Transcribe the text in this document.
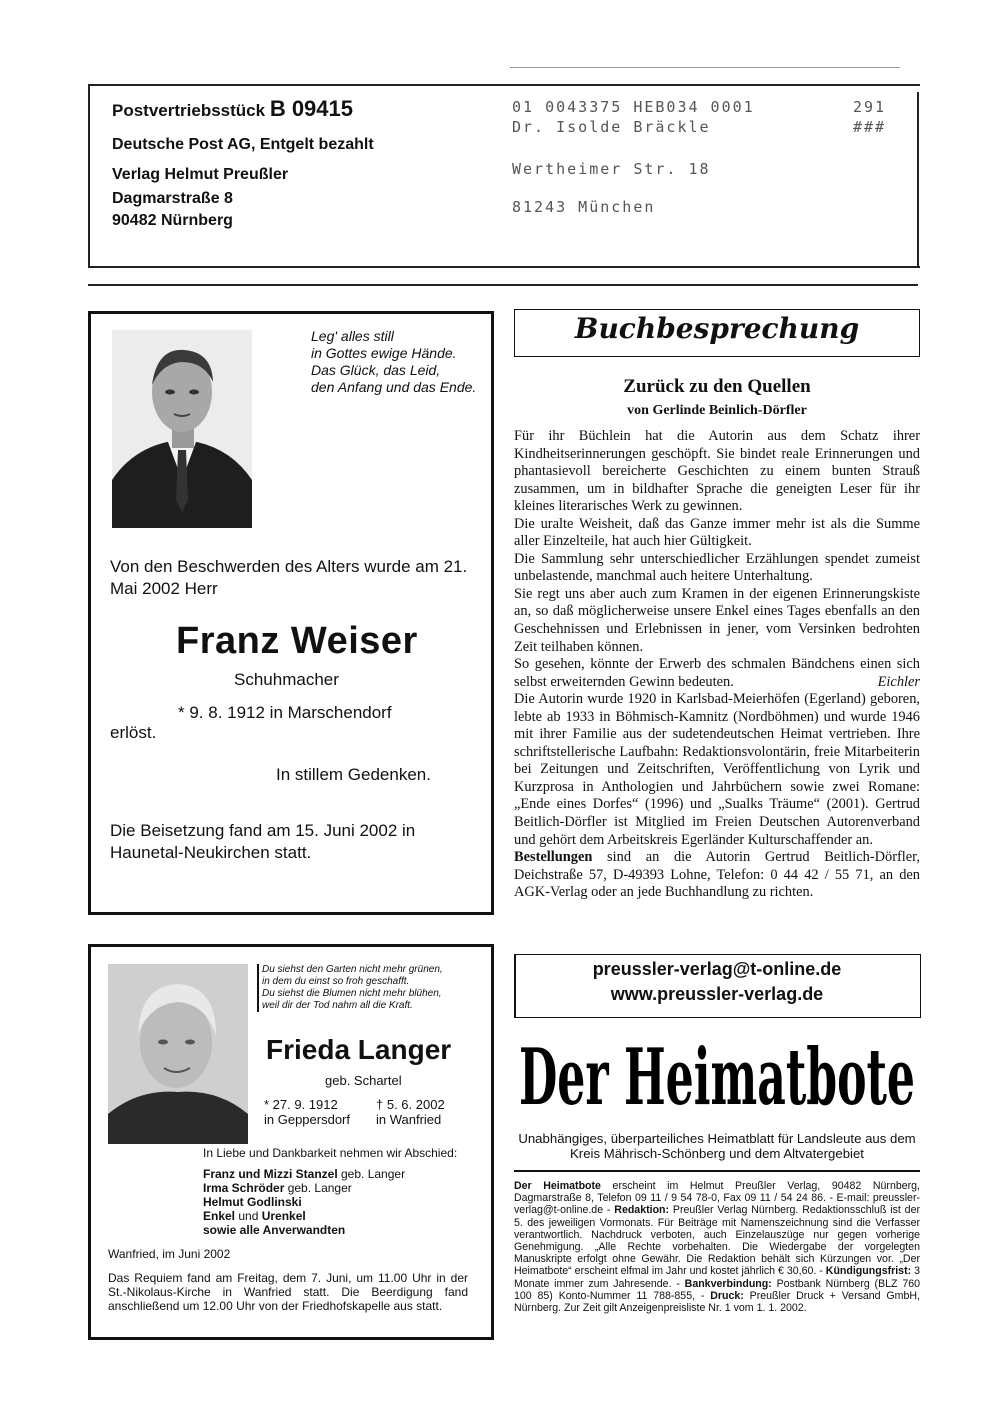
Postvertriebsstück B 09415
Deutsche Post AG, Entgelt bezahlt
Verlag Helmut Preußler
Dagmarstraße 8
90482 Nürnberg
01 0043375 HEB034 0001	291
Dr. Isolde Bräckle	###
Wertheimer Str. 18
81243 München
Leg' alles still
in Gottes ewige Hände.
Das Glück, das Leid,
den Anfang und das Ende.
Von den Beschwerden des Alters wurde am 21. Mai 2002 Herr
Franz Weiser
Schuhmacher
* 9. 8. 1912 in Marschendorf
erlöst.
In stillem Gedenken.
Die Beisetzung fand am 15. Juni 2002 in Haunetal-Neukirchen statt.
Du siehst den Garten nicht mehr grünen,
in dem du einst so froh geschafft.
Du siehst die Blumen nicht mehr blühen,
weil dir der Tod nahm all die Kraft.
Frieda Langer
geb. Schartel
* 27. 9. 1912
in Geppersdorf
† 5. 6. 2002
in Wanfried
In Liebe und Dankbarkeit nehmen wir Abschied:
Franz und Mizzi Stanzel geb. Langer
Irma Schröder geb. Langer
Helmut Godlinski
Enkel und Urenkel
sowie alle Anverwandten
Wanfried, im Juni 2002
Das Requiem fand am Freitag, dem 7. Juni, um 11.00 Uhr in der St.-Nikolaus-Kirche in Wanfried statt. Die Beerdigung fand anschließend um 12.00 Uhr von der Friedhofskapelle aus statt.
Buchbesprechung
Zurück zu den Quellen
von Gerlinde Beinlich-Dörfler

Für ihr Büchlein hat die Autorin aus dem Schatz ihrer Kindheitserinnerungen geschöpft. Sie bindet reale Erinnerungen und phantasievoll bereicherte Geschichten zu einem bunten Strauß zusammen, um in bildhafter Sprache die geneigten Leser für ihr kleines literarisches Werk zu gewinnen.

Die uralte Weisheit, daß das Ganze immer mehr ist als die Summe aller Einzelteile, hat auch hier Gültigkeit.

Die Sammlung sehr unterschiedlicher Erzählungen spendet zumeist unbelastende, manchmal auch heitere Unterhaltung.

Sie regt uns aber auch zum Kramen in der eigenen Erinnerungskiste an, so daß möglicherweise unsere Enkel eines Tages ebenfalls an den Geschehnissen und Erlebnissen in jener, vom Versinken bedrohten Zeit teilhaben können.

So gesehen, könnte der Erwerb des schmalen Bändchens einen sich selbst erweiternden Gewinn bedeuten.	Eichler

Die Autorin wurde 1920 in Karlsbad-Meierhöfen (Egerland) geboren, lebte ab 1933 in Böhmisch-Kamnitz (Nordböhmen) und wurde 1946 mit ihrer Familie aus der sudetendeutschen Heimat vertrieben. Ihre schriftstellerische Laufbahn: Redaktionsvolontärin, freie Mitarbeiterin bei Zeitungen und Zeitschriften, Veröffentlichung von Lyrik und Kurzprosa in Anthologien und Jahrbüchern sowie zwei Romane: „Ende eines Dorfes“ (1996) und „Sualks Träume“ (2001). Gertrud Beitlich-Dörfler ist Mitglied im Freien Deutschen Autorenverband und gehört dem Arbeitskreis Egerländer Kulturschaffender an.

Bestellungen sind an die Autorin Gertrud Beitlich-Dörfler, Deichstraße 57, D-49393 Lohne, Telefon: 0 44 42 / 55 71, an den AGK-Verlag oder an jede Buchhandlung zu richten.

preussler-verlag@t-online.de
www.preussler-verlag.de
Der Heimatbote
Unabhängiges, überparteiliches Heimatblatt für Landsleute aus dem Kreis Mährisch-Schönberg und dem Altvatergebiet
Der Heimatbote erscheint im Helmut Preußler Verlag, 90482 Nürnberg, Dagmarstraße 8, Telefon 09 11 / 9 54 78-0, Fax 09 11 / 54 24 86. - E-mail: preussler-verlag@t-online.de - Redaktion: Preußler Verlag Nürnberg. Redaktionsschluß ist der 5. des jeweiligen Vormonats. Für Beiträge mit Namenszeichnung sind die Verfasser verantwortlich. Nachdruck verboten, auch Einzelauszüge nur gegen vorherige Genehmigung. „Alle Rechte vorbehalten. Die Wiedergabe der vorgelegten Manuskripte erfolgt ohne Gewähr. Die Redaktion behält sich Kürzungen vor. „Der Heimatbote“ erscheint elfmal im Jahr und kostet jährlich € 30,60. - Kündigungsfrist: 3 Monate immer zum Jahresende. - Bankverbindung: Postbank Nürnberg (BLZ 760 100 85) Konto-Nummer 11 788-855, - Druck: Preußler Druck + Versand GmbH, Nürnberg. Zur Zeit gilt Anzeigenpreisliste Nr. 1 vom 1. 1. 2002.
